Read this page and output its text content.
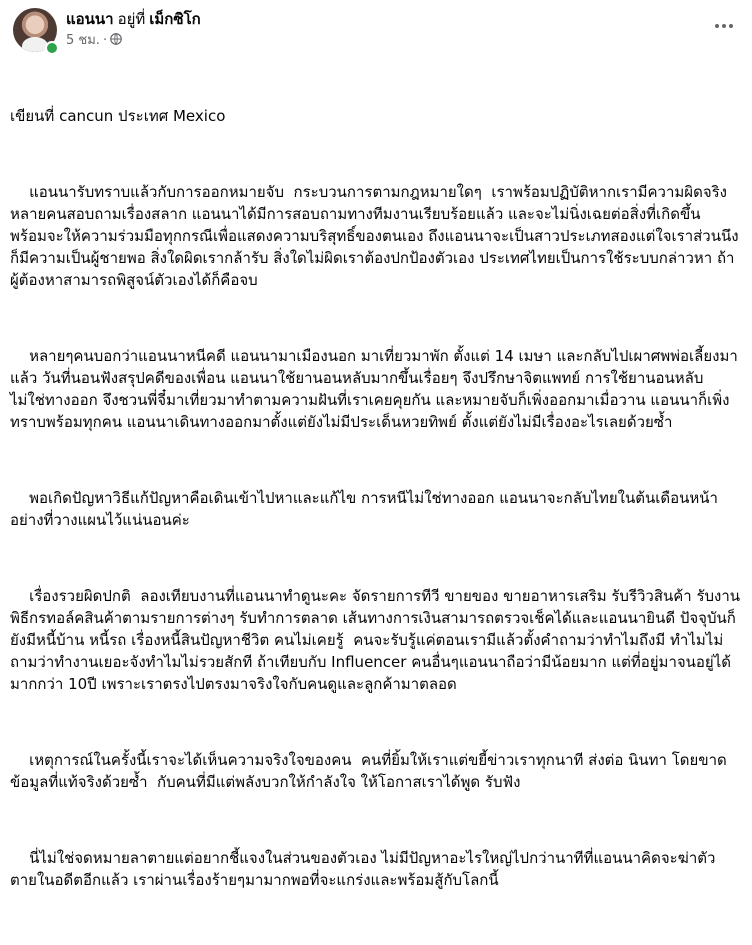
แอนนา อยู่ที่ เม็กซิโก
5 ชม. ·

เขียนที่ cancun ประเทศ Mexico

แอนนารับทราบแล้วกับการออกหมายจับ  กระบวนการตามกฎหมายใดๆ  เราพร้อมปฏิบัติหากเรามีความผิดจริง หลายคนสอบถามเรื่องสลาก แอนนาได้มีการสอบถามทางทีมงานเรียบร้อยแล้ว และจะไม่นิ่งเฉยต่อสิ่งที่เกิดขึ้น  พร้อมจะให้ความร่วมมือทุกกรณีเพื่อแสดงความบริสุทธิ์ของตนเอง ถึงแอนนาจะเป็นสาวประเภทสองแต่ใจเราส่วนนึงก็มีความเป็นผู้ชายพอ สิ่งใดผิดเรากล้ารับ สิ่งใดไม่ผิดเราต้องปกป้องตัวเอง ประเทศไทยเป็นการใช้ระบบกล่าวหา ถ้าผู้ต้องหาสามารถพิสูจน์ตัวเองได้ก็คือจบ

หลายๆคนบอกว่าแอนนาหนีคดี แอนนามาเมืองนอก มาเที่ยวมาพัก ตั้งแต่ 14 เมษา และกลับไปเผาศพพ่อเลี้ยงมาแล้ว วันที่นอนฟังสรุปคดีของเพื่อน แอนนาใช้ยานอนหลับมากขึ้นเรื่อยๆ จึงปรึกษาจิตแพทย์ การใช้ยานอนหลับ ไม่ใช่ทางออก จึงชวนพี่จี๋มาเที่ยวมาทำตามความฝันที่เราเคยคุยกัน และหมายจับก็เพิ่งออกมาเมื่อวาน แอนนาก็เพิ่งทราบพร้อมทุกคน แอนนาเดินทางออกมาตั้งแต่ยังไม่มีประเด็นหวยทิพย์ ตั้งแต่ยังไม่มีเรื่องอะไรเลยด้วยซ้ำ

พอเกิดปัญหาวิธีแก้ปัญหาคือเดินเข้าไปหาและแก้ไข การหนีไม่ใช่ทางออก แอนนาจะกลับไทยในต้นเดือนหน้าอย่างที่วางแผนไว้แน่นอนค่ะ

เรื่องรวยผิดปกติ  ลองเทียบงานที่แอนนาทำดูนะคะ จัดรายการทีวี ขายของ ขายอาหารเสริม รับรีวิวสินค้า รับงานพิธีกรทอล์คสินค้าตามรายการต่างๆ รับทำการตลาด เส้นทางการเงินสามารถตรวจเช็คได้และแอนนายินดี ปัจจุบันก็ยังมีหนี้บ้าน หนี้รถ เรื่องหนี้สินปัญหาชีวิต คนไม่เคยรู้  คนจะรับรู้แค่ตอนเรามีแล้วตั้งคำถามว่าทำไมถึงมี ทำไมไม่ถามว่าทำงานเยอะจังทำไมไม่รวยสักที ถ้าเทียบกับ Influencer คนอื่นๆแอนนาถือว่ามีน้อยมาก แต่ที่อยู่มาจนอยู่ได้มากกว่า 10ปี เพราะเราตรงไปตรงมาจริงใจกับคนดูและลูกค้ามาตลอด

เหตุการณ์ในครั้งนี้เราจะได้เห็นความจริงใจของคน  คนที่ยิ้มให้เราแต่ขยี้ข่าวเราทุกนาที ส่งต่อ นินทา โดยขาดข้อมูลที่แท้จริงด้วยซ้ำ  กับคนที่มีแต่พลังบวกให้กำลังใจ ให้โอกาสเราได้พูด รับฟัง

นี่ไม่ใช่จดหมายลาตายแต่อยากชี้แจงในส่วนของตัวเอง ไม่มีปัญหาอะไรใหญ่ไปกว่านาทีที่แอนนาคิดจะฆ่าตัวตายในอดีตอีกแล้ว เราผ่านเรื่องร้ายๆมามากพอที่จะแกร่งและพร้อมสู้กับโลกนี้
